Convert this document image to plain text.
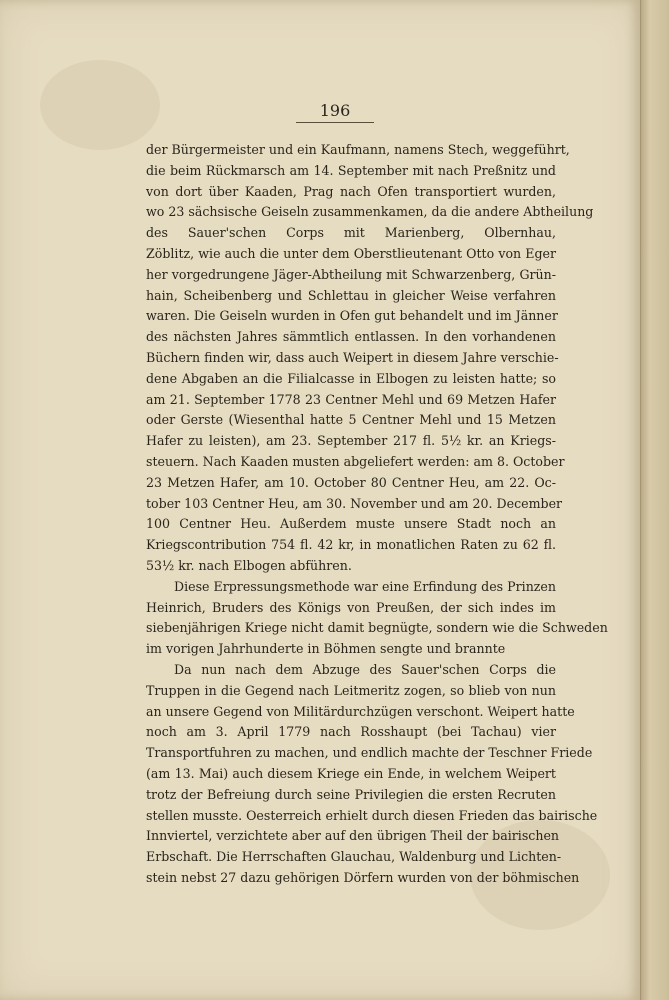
196
der Bürgermeister und ein Kaufmann, namens Stech, weggeführt,
die beim Rückmarsch am 14. September mit nach Preßnitz und
von dort über Kaaden, Prag nach Ofen transportiert wurden,
wo 23 sächsische Geiseln zusammenkamen, da die andere Abtheilung
des Sauer'schen Corps mit Marienberg, Olbernhau,
Zöblitz, wie auch die unter dem Oberstlieutenant Otto von Eger
her vorgedrungene Jäger-Abtheilung mit Schwarzenberg, Grün-
hain, Scheibenberg und Schlettau in gleicher Weise verfahren
waren. Die Geiseln wurden in Ofen gut behandelt und im Jänner
des nächsten Jahres sämmtlich entlassen. In den vorhandenen
Büchern finden wir, dass auch Weipert in diesem Jahre verschie-
dene Abgaben an die Filialcasse in Elbogen zu leisten hatte; so
am 21. September 1778 23 Centner Mehl und 69 Metzen Hafer
oder Gerste (Wiesenthal hatte 5 Centner Mehl und 15 Metzen
Hafer zu leisten), am 23. September 217 fl. 5½ kr. an Kriegs-
steuern. Nach Kaaden musten abgeliefert werden: am 8. October
23 Metzen Hafer, am 10. October 80 Centner Heu, am 22. Oc-
tober 103 Centner Heu, am 30. November und am 20. December
100 Centner Heu. Außerdem muste unsere Stadt noch an
Kriegscontribution 754 fl. 42 kr, in monatlichen Raten zu 62 fl.
53½ kr. nach Elbogen abführen.
Diese Erpressungsmethode war eine Erfindung des Prinzen
Heinrich, Bruders des Königs von Preußen, der sich indes im
siebenjährigen Kriege nicht damit begnügte, sondern wie die Schweden
im vorigen Jahrhunderte in Böhmen sengte und brannte
Da nun nach dem Abzuge des Sauer'schen Corps die
Truppen in die Gegend nach Leitmeritz zogen, so blieb von nun
an unsere Gegend von Militärdurchzügen verschont. Weipert hatte
noch am 3. April 1779 nach Rosshaupt (bei Tachau) vier
Transportfuhren zu machen, und endlich machte der Teschner Friede
(am 13. Mai) auch diesem Kriege ein Ende, in welchem Weipert
trotz der Befreiung durch seine Privilegien die ersten Recruten
stellen musste. Oesterreich erhielt durch diesen Frieden das bairische
Innviertel, verzichtete aber auf den übrigen Theil der bairischen
Erbschaft. Die Herrschaften Glauchau, Waldenburg und Lichten-
stein nebst 27 dazu gehörigen Dörfern wurden von der böhmischen
